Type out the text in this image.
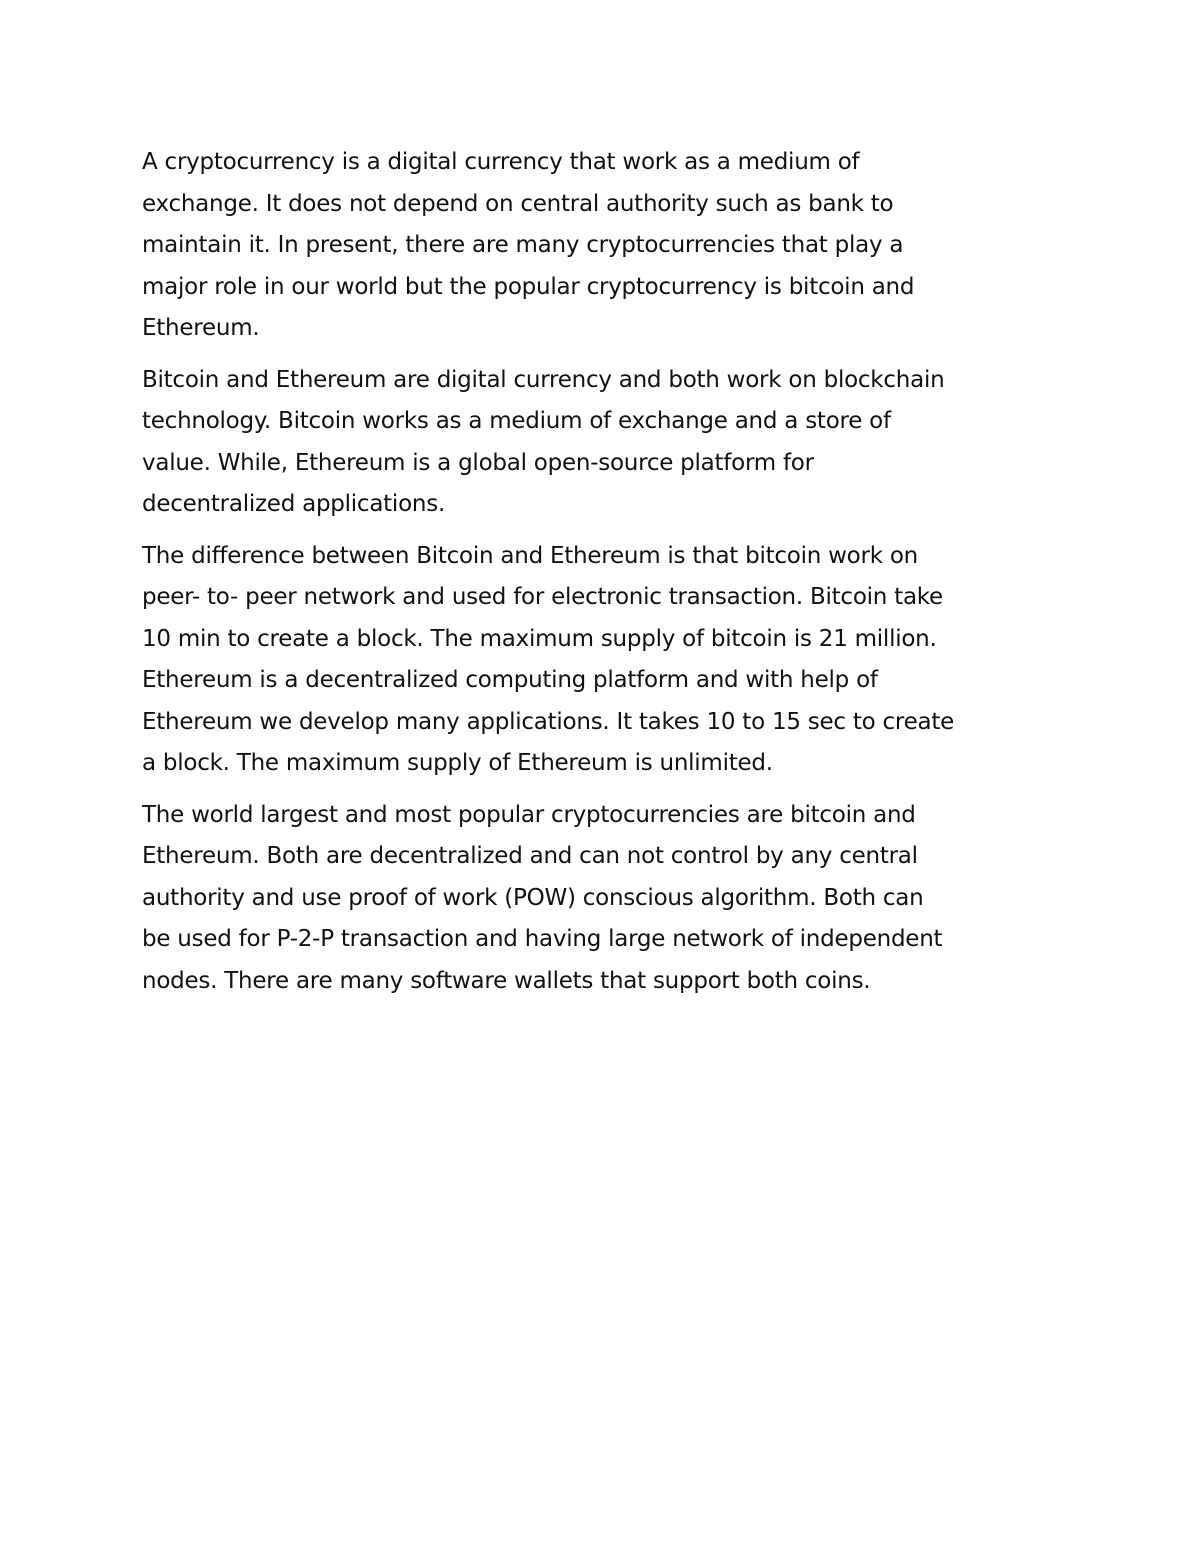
A cryptocurrency is a digital currency that work as a medium of
exchange. It does not depend on central authority such as bank to
maintain it. In present, there are many cryptocurrencies that play a
major role in our world but the popular cryptocurrency is bitcoin and
Ethereum.

Bitcoin and Ethereum are digital currency and both work on blockchain
technology. Bitcoin works as a medium of exchange and a store of
value. While, Ethereum is a global open-source platform for
decentralized applications.

The difference between Bitcoin and Ethereum is that bitcoin work on
peer- to- peer network and used for electronic transaction. Bitcoin take
10 min to create a block. The maximum supply of bitcoin is 21 million.
Ethereum is a decentralized computing platform and with help of
Ethereum we develop many applications. It takes 10 to 15 sec to create
a block. The maximum supply of Ethereum is unlimited.

The world largest and most popular cryptocurrencies are bitcoin and
Ethereum. Both are decentralized and can not control by any central
authority and use proof of work (POW) conscious algorithm. Both can
be used for P-2-P transaction and having large network of independent
nodes. There are many software wallets that support both coins.
